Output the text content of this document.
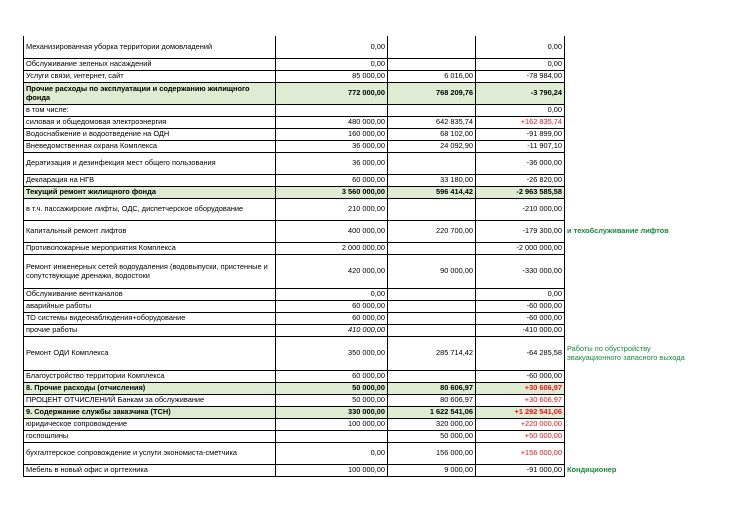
Механизированная уборка территории домовладений	0,00		0,00	
Обслуживание зеленых насаждений	0,00		0,00	
Услуги связи, интернет, сайт	85 000,00	6 016,00	-78 984,00	
Прочие расходы по эксплуатации и содержанию жилищного фонда	772 000,00	768 209,76	-3 790,24	
в том числе:			0,00	
силовая и общедомовая электроэнергия	480 000,00	642 835,74	+162 835,74	
Водоснабжение и водоотведение на ОДН	160 000,00	68 102,00	-91 899,00	
Вневедомственная охрана Комплекса	36 000,00	24 092,90	-11 907,10	
Дератизация и дезинфекция мест общего пользования	36 000,00		-36 000,00	
Декларация на НГВ	60 000,00	33 180,00	-26 820,00	
Текущий ремонт жилищного фонда	3 560 000,00	596 414,42	-2 963 585,58	
в т.ч. пассажирские лифты, ОДС, диспетчерское оборудование	210 000,00		-210 000,00	
Капитальный ремонт лифтов	400 000,00	220 700,00	-179 300,00	и техобслуживание лифтов
Противопожарные мероприятия Комплекса	2 000 000,00		-2 000 000,00	
Ремонт инженерных сетей водоудаления (водовыпуски, пристенные и сопутствующие дренажи, водостоки	420 000,00	90 000,00	-330 000,00	
Обслуживание вентканалов	0,00		0,00	
аварийные работы	60 000,00		-60 000,00	
ТО системы видеонаблюдения+оборудование	60 000,00		-60 000,00	
прочие работы	410 000,00		-410 000,00	
Ремонт ОДИ Комплекса	350 000,00	285 714,42	-64 285,58	Работы по обустройству эвакуационного запасного выхода
Благоустройство территории Комплекса	60 000,00		-60 000,00	
8. Прочие расходы (отчисления)	50 000,00	80 606,97	+30 606,97	
ПРОЦЕНТ ОТЧИСЛЕНИЙ Банкам за обслуживание	50 000,00	80 606,97	+30 606,97	
9. Содержание службы заказчика (ТСН)	330 000,00	1 622 541,06	+1 292 541,06	
юридическое сопровождение	100 000,00	320 000,00	+220 000,00	
госпошлины		50 000,00	+50 000,00	
бухгалтерское сопровождение и услуги экономиста-сметчика	0,00	156 000,00	+156 000,00	
Мебель в новый офис и оргтехника	100 000,00	9 000,00	-91 000,00	Кондиционер
